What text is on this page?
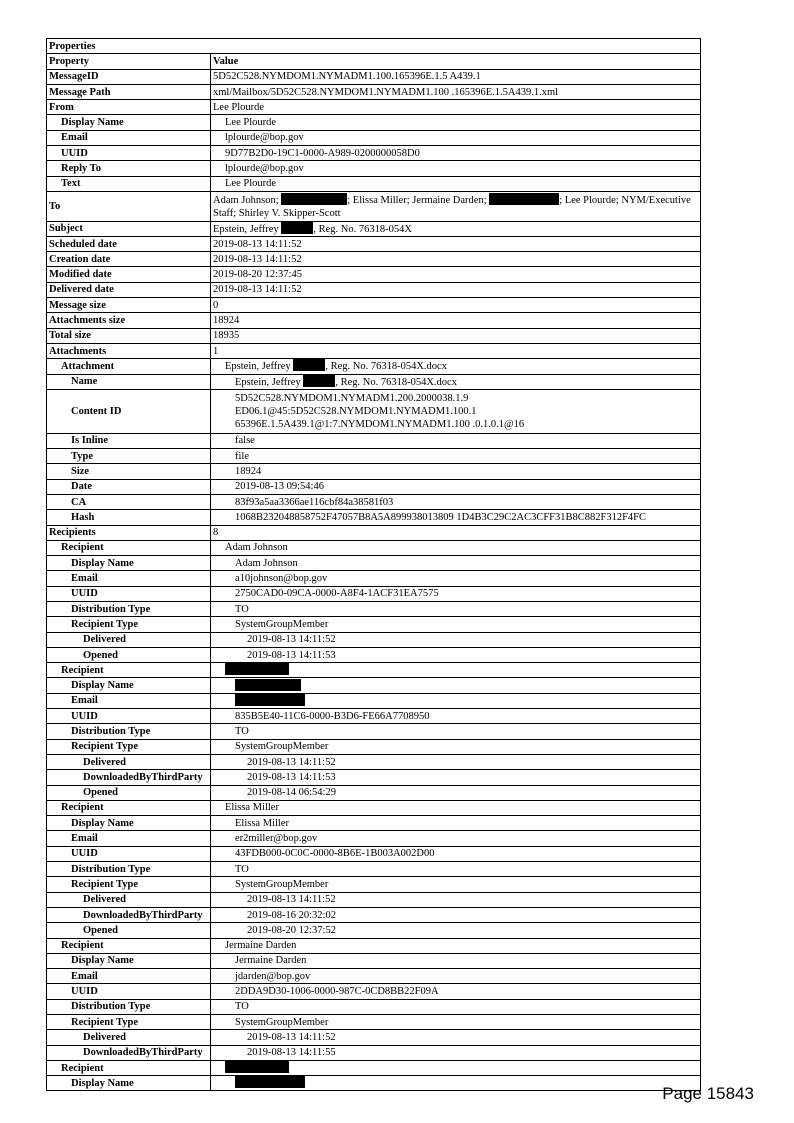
Properties	
Property	Value
MessageID	5D52C528.NYMDOM1.NYMADM1.100.165396E.1.5 A439.1
Message Path	xml/Mailbox/5D52C528.NYMDOM1.NYMADM1.100 .165396E.1.5A439.1.xml
From	Lee Plourde
Display Name	Lee Plourde
Email	lplourde@bop.gov
UUID	9D77B2D0-19C1-0000-A989-0200000058D0
Reply To	lplourde@bop.gov
Text	Lee Plourde
To	Adam Johnson; ; Elissa Miller; Jermaine Darden; ; Lee Plourde; NYM/Executive Staff; Shirley V. Skipper-Scott
Subject	Epstein, Jeffrey , Reg. No. 76318-054X
Scheduled date	2019-08-13 14:11:52
Creation date	2019-08-13 14:11:52
Modified date	2019-08-20 12:37:45
Delivered date	2019-08-13 14:11:52
Message size	0
Attachments size	18924
Total size	18935
Attachments	1
Attachment	Epstein, Jeffrey , Reg. No. 76318-054X.docx
Name	Epstein, Jeffrey , Reg. No. 76318-054X.docx
Content ID	5D52C528.NYMDOM1.NYMADM1.200.2000038.1.9
ED06.1@45:5D52C528.NYMDOM1.NYMADM1.100.1
65396E.1.5A439.1@1:7.NYMDOM1.NYMADM1.100 .0.1.0.1@16

Is Inline	false
Type	file
Size	18924
Date	2019-08-13 09:54:46
CA	83f93a5aa3366ae116cbf84a38581f03
Hash	1068B232048858752F47057B8A5A899938013809 1D4B3C29C2AC3CFF31B8C882F312F4FC
Recipients	8
Recipient	Adam Johnson
Display Name	Adam Johnson
Email	a10johnson@bop.gov
UUID	2750CAD0-09CA-0000-A8F4-1ACF31EA7575
Distribution Type	TO
Recipient Type	SystemGroupMember
Delivered	2019-08-13 14:11:52
Opened	2019-08-13 14:11:53
Recipient	
Display Name	
Email	
UUID	835B5E40-11C6-0000-B3D6-FE66A7708950
Distribution Type	TO
Recipient Type	SystemGroupMember
Delivered	2019-08-13 14:11:52
DownloadedByThirdParty	2019-08-13 14:11:53
Opened	2019-08-14 06:54:29
Recipient	Elissa Miller
Display Name	Elissa Miller
Email	er2miller@bop.gov
UUID	43FDB000-0C0C-0000-8B6E-1B003A002D00
Distribution Type	TO
Recipient Type	SystemGroupMember
Delivered	2019-08-13 14:11:52
DownloadedByThirdParty	2019-08-16 20:32:02
Opened	2019-08-20 12:37:52
Recipient	Jermaine Darden
Display Name	Jermaine Darden
Email	jdarden@bop.gov
UUID	2DDA9D30-1006-0000-987C-0CD8BB22F09A
Distribution Type	TO
Recipient Type	SystemGroupMember
Delivered	2019-08-13 14:11:52
DownloadedByThirdParty	2019-08-13 14:11:55
Recipient	
Display Name	
Page 15843
